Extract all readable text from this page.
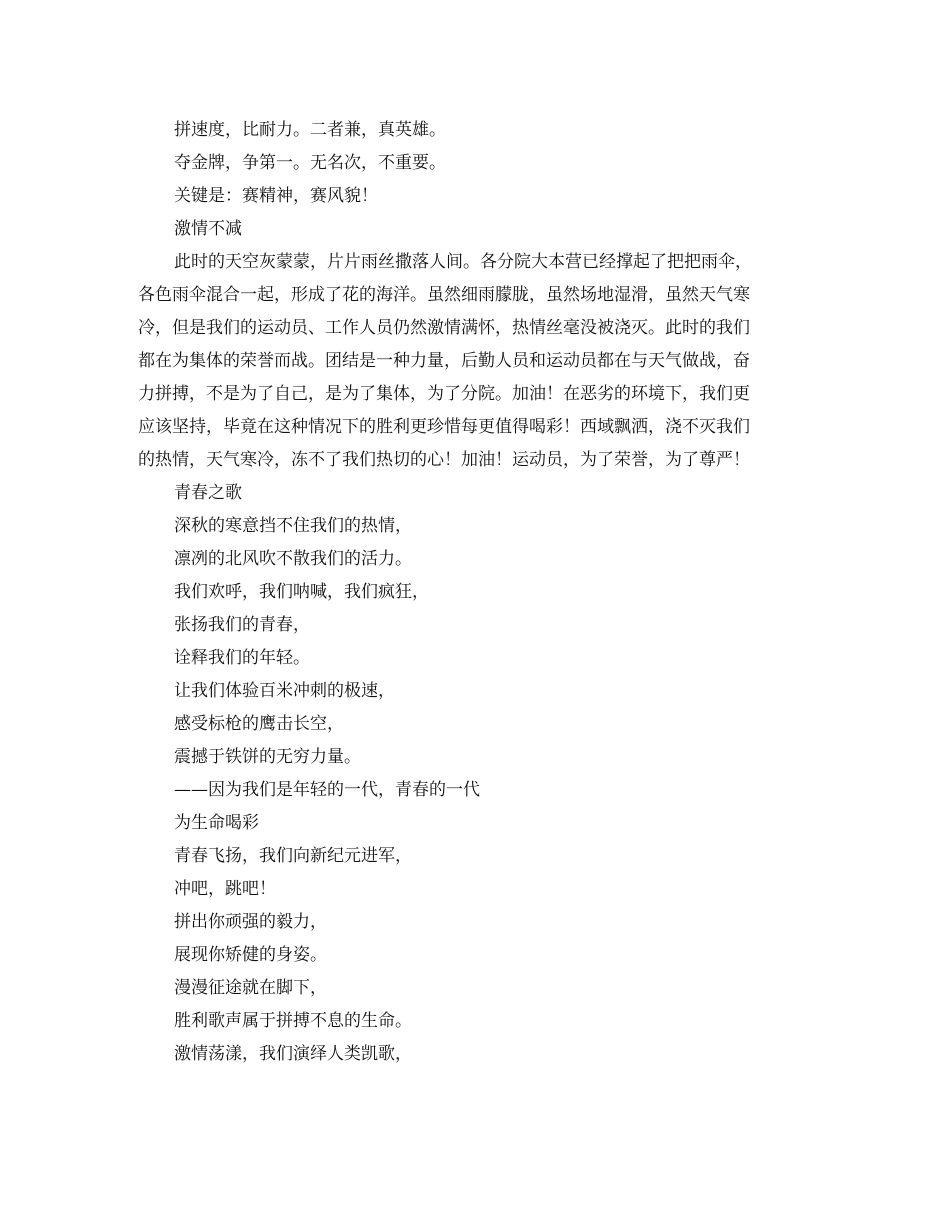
拼速度，比耐力。二者兼，真英雄。
夺金牌，争第一。无名次，不重要。
关键是：赛精神，赛风貌！
激情不减
此时的天空灰蒙蒙，片片雨丝撒落人间。各分院大本营已经撑起了把把雨伞，
各色雨伞混合一起，形成了花的海洋。虽然细雨朦胧，虽然场地湿滑，虽然天气寒
冷，但是我们的运动员、工作人员仍然激情满怀，热情丝毫没被浇灭。此时的我们
都在为集体的荣誉而战。团结是一种力量，后勤人员和运动员都在与天气做战，奋
力拼搏，不是为了自己，是为了集体，为了分院。加油！在恶劣的环境下，我们更
应该坚持，毕竟在这种情况下的胜利更珍惜每更值得喝彩！西域飘洒，浇不灭我们
的热情，天气寒冷，冻不了我们热切的心！加油！运动员，为了荣誉，为了尊严！
青春之歌
深秋的寒意挡不住我们的热情，
凛冽的北风吹不散我们的活力。
我们欢呼，我们呐喊，我们疯狂，
张扬我们的青春，
诠释我们的年轻。
让我们体验百米冲刺的极速，
感受标枪的鹰击长空，
震撼于铁饼的无穷力量。
——因为我们是年轻的一代，青春的一代
为生命喝彩
青春飞扬，我们向新纪元进军，
冲吧，跳吧！
拼出你顽强的毅力，
展现你矫健的身姿。
漫漫征途就在脚下，
胜利歌声属于拼搏不息的生命。
激情荡漾，我们演绎人类凯歌，
